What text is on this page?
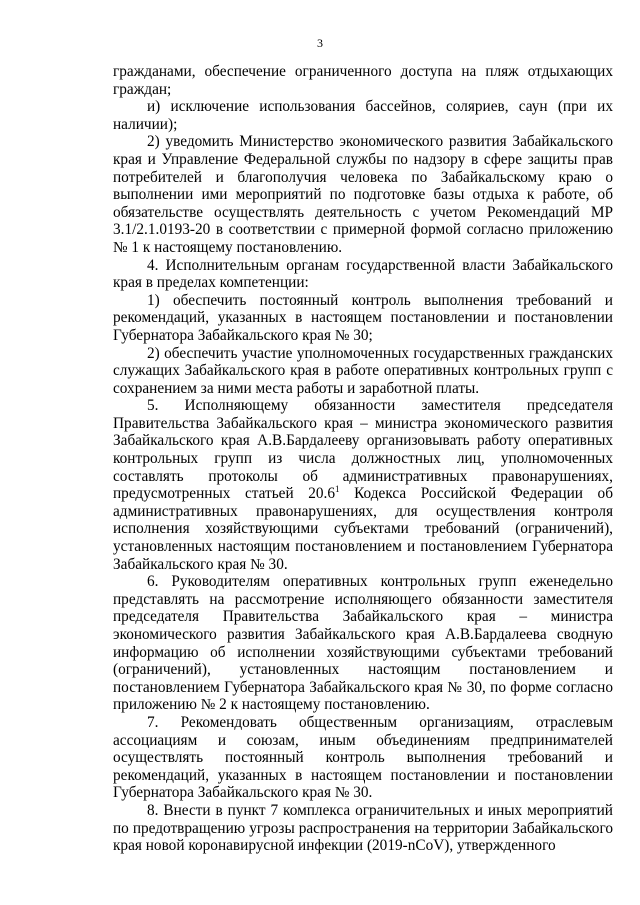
3

гражданами, обеспечение ограниченного доступа на пляж отдыхающих граждан;

и) исключение использования бассейнов, соляриев, саун (при их наличии);

2) уведомить Министерство экономического развития Забайкальского края и Управление Федеральной службы по надзору в сфере защиты прав потребителей и благополучия человека по Забайкальскому краю о выполнении ими мероприятий по подготовке базы отдыха к работе, об обязательстве осуществлять деятельность с учетом Рекомендаций МР 3.1/2.1.0193-20 в соответствии с примерной формой согласно приложению № 1 к настоящему постановлению.

4. Исполнительным органам государственной власти Забайкальского края в пределах компетенции:

1) обеспечить постоянный контроль выполнения требований и рекомендаций, указанных в настоящем постановлении и постановлении Губернатора Забайкальского края № 30;

2) обеспечить участие уполномоченных государственных гражданских служащих Забайкальского края в работе оперативных контрольных групп с сохранением за ними места работы и заработной платы.

5. Исполняющему обязанности заместителя председателя Правительства Забайкальского края – министра экономического развития Забайкальского края А.В.Бардалееву организовывать работу оперативных контрольных групп из числа должностных лиц, уполномоченных составлять протоколы об административных правонарушениях, предусмотренных статьей 20.6$^1$ Кодекса Российской Федерации об административных правонарушениях, для осуществления контроля исполнения хозяйствующими субъектами требований (ограничений), установленных настоящим постановлением и постановлением Губернатора Забайкальского края № 30.

6. Руководителям оперативных контрольных групп еженедельно представлять на рассмотрение исполняющего обязанности заместителя председателя Правительства Забайкальского края – министра экономического развития Забайкальского края А.В.Бардалеева сводную информацию об исполнении хозяйствующими субъектами требований (ограничений), установленных настоящим постановлением и постановлением Губернатора Забайкальского края № 30, по форме согласно приложению № 2 к настоящему постановлению.

7. Рекомендовать общественным организациям, отраслевым ассоциациям и союзам, иным объединениям предпринимателей осуществлять постоянный контроль выполнения требований и рекомендаций, указанных в настоящем постановлении и постановлении Губернатора Забайкальского края № 30.

8. Внести в пункт 7 комплекса ограничительных и иных мероприятий по предотвращению угрозы распространения на территории Забайкальского края новой коронавирусной инфекции (2019-nCoV), утвержденного
